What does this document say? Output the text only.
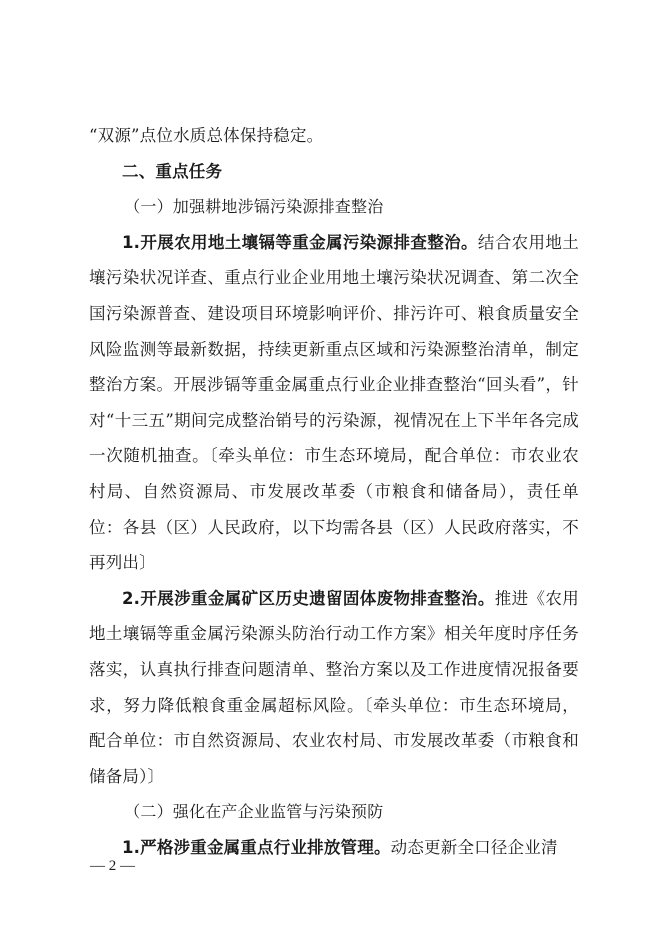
“双源”点位水质总体保持稳定。

二、重点任务

（一）加强耕地涉镉污染源排查整治

1.开展农用地土壤镉等重金属污染源排查整治。结合农用地土壤污染状况详查、重点行业企业用地土壤污染状况调查、第二次全国污染源普查、建设项目环境影响评价、排污许可、粮食质量安全风险监测等最新数据，持续更新重点区域和污染源整治清单，制定整治方案。开展涉镉等重金属重点行业企业排查整治“回头看”，针对“十三五”期间完成整治销号的污染源，视情况在上下半年各完成一次随机抽查。〔牵头单位：市生态环境局，配合单位：市农业农村局、自然资源局、市发展改革委（市粮食和储备局），责任单位：各县（区）人民政府，以下均需各县（区）人民政府落实，不再列出〕

2.开展涉重金属矿区历史遗留固体废物排查整治。推进《农用地土壤镉等重金属污染源头防治行动工作方案》相关年度时序任务落实，认真执行排查问题清单、整治方案以及工作进度情况报备要求，努力降低粮食重金属超标风险。〔牵头单位：市生态环境局，配合单位：市自然资源局、农业农村局、市发展改革委（市粮食和储备局）〕

（二）强化在产企业监管与污染预防

1.严格涉重金属重点行业排放管理。动态更新全口径企业清

— 2 —
